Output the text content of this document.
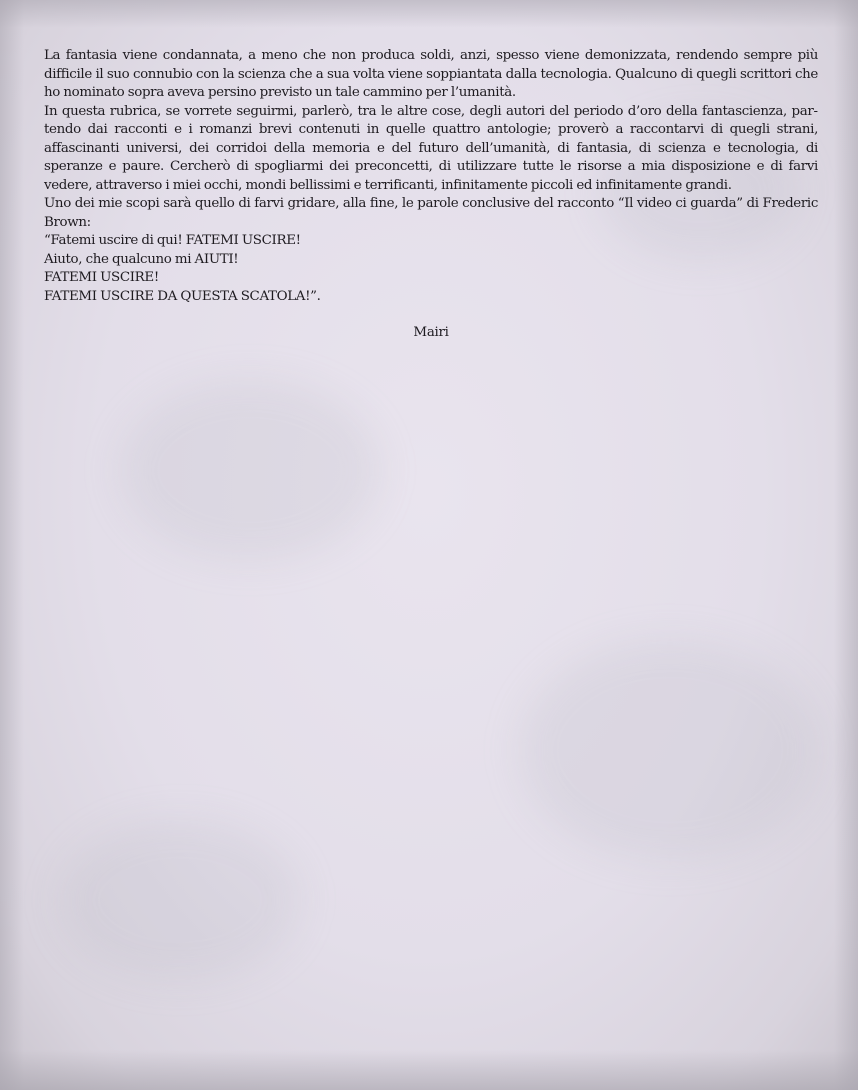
La fantasia viene condannata, a meno che non produca soldi, anzi, spesso viene demonizzata, rendendo sempre più difficile il suo connubio con la scienza che a sua volta viene soppiantata dalla tecnologia. Qualcuno di quegli scrittori che ho nominato sopra aveva persino previsto un tale cammino per l’umanità.

In questa rubrica, se vorrete seguirmi, parlerò, tra le altre cose, degli autori del periodo d’oro della fantascienza, partendo dai racconti e i romanzi brevi contenuti in quelle quattro antologie; proverò a raccontarvi di quegli strani, affascinanti universi, dei corridoi della memoria e del futuro dell’umanità, di fantasia, di scienza e tecnologia, di speranze e paure. Cercherò di spogliarmi dei preconcetti, di utilizzare tutte le risorse a mia disposizione e di farvi vedere, attraverso i miei occhi, mondi bellissimi e terrificanti, infinitamente piccoli ed infinitamente grandi.

Uno dei mie scopi sarà quello di farvi gridare, alla fine, le parole conclusive del racconto “Il video ci guarda” di Frederic Brown:

“Fatemi uscire di qui! FATEMI USCIRE!

Aiuto, che qualcuno mi AIUTI!

FATEMI USCIRE!

FATEMI USCIRE DA QUESTA SCATOLA!”.

Mairi
